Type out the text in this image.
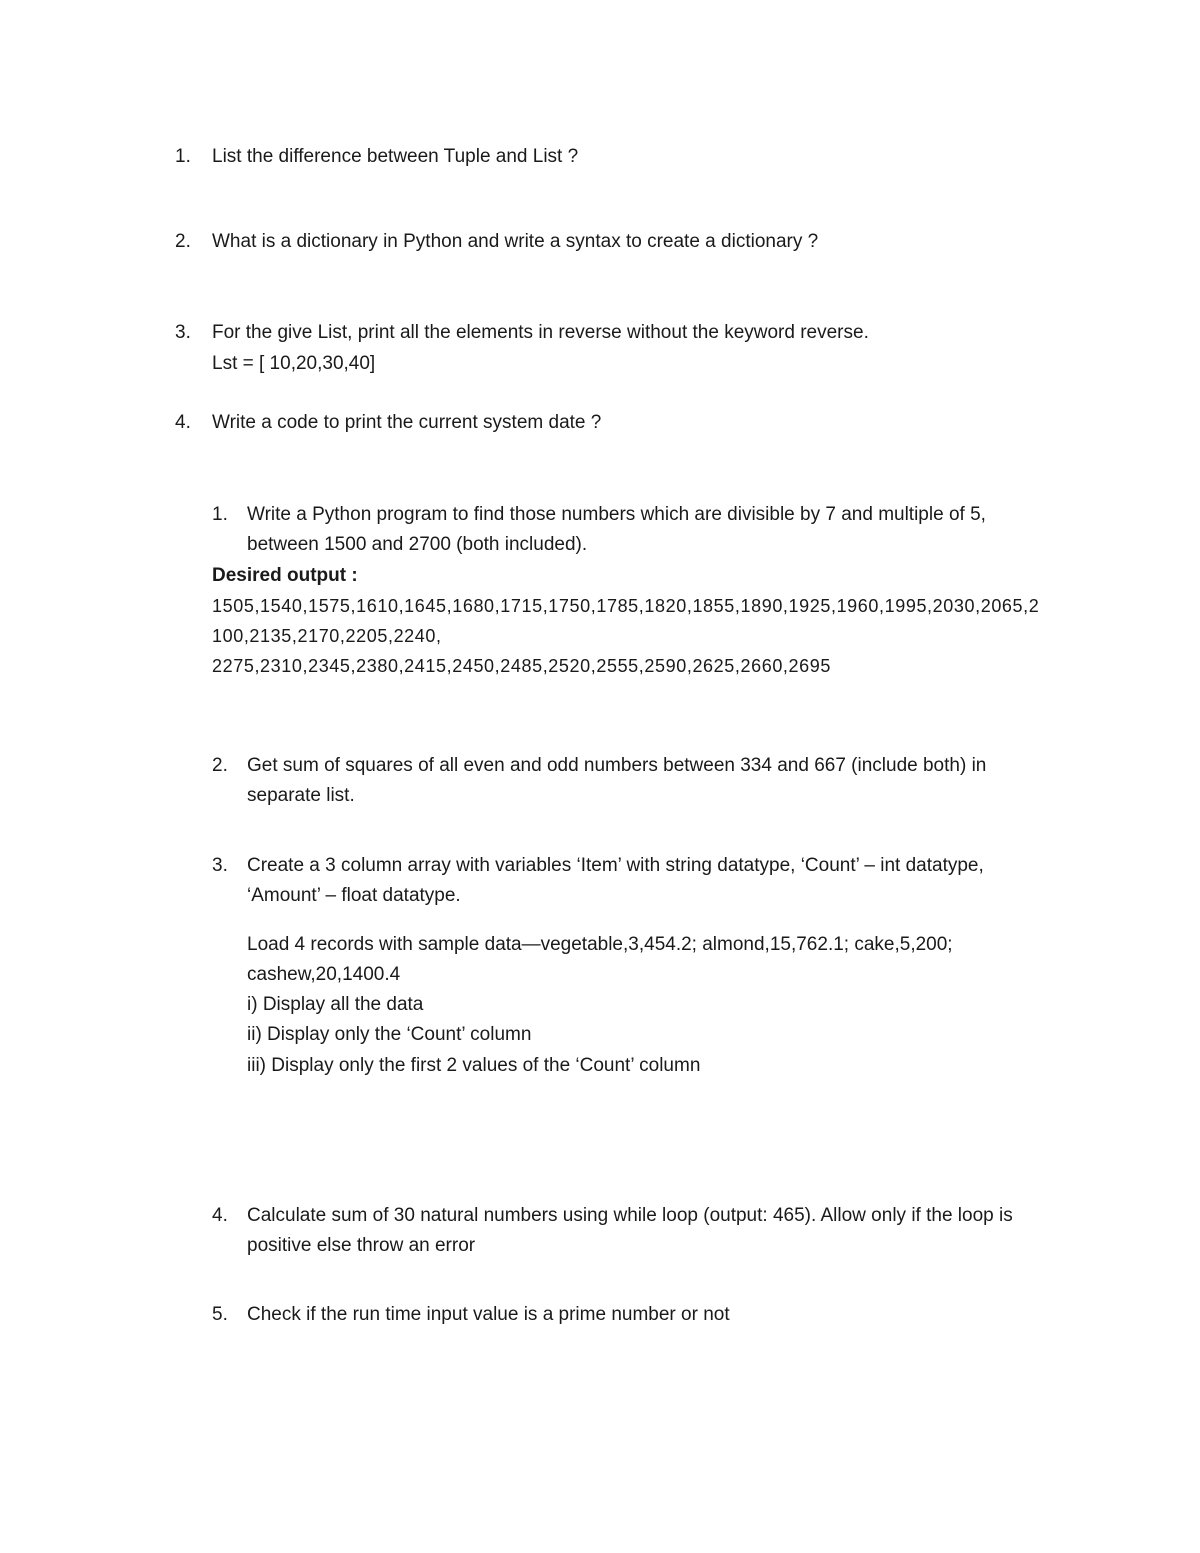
1. List the difference between Tuple and List ?
2. What is a dictionary in Python and write a syntax to create a dictionary ?
3. For the give List, print all the elements in reverse without the keyword reverse.
Lst = [ 10,20,30,40]
4. Write a code to print the current system date ?
1. Write a Python program to find those numbers which are divisible by 7 and multiple of 5,
between 1500 and 2700 (both included).
Desired output :
1505,1540,1575,1610,1645,1680,1715,1750,1785,1820,1855,1890,1925,1960,1995,2030,2065,2
100,2135,2170,2205,2240,
2275,2310,2345,2380,2415,2450,2485,2520,2555,2590,2625,2660,2695
2. Get sum of squares of all even and odd numbers between 334 and 667 (include both) in
separate list.
3. Create a 3 column array with variables ‘Item’ with string datatype, ‘Count’ – int datatype,
‘Amount’ – float datatype.
Load 4 records with sample data—vegetable,3,454.2; almond,15,762.1; cake,5,200;
cashew,20,1400.4
i) Display all the data
ii) Display only the ‘Count’ column
iii) Display only the first 2 values of the ‘Count’ column
4. Calculate sum of 30 natural numbers using while loop (output: 465). Allow only if the loop is
positive else throw an error
5. Check if the run time input value is a prime number or not
